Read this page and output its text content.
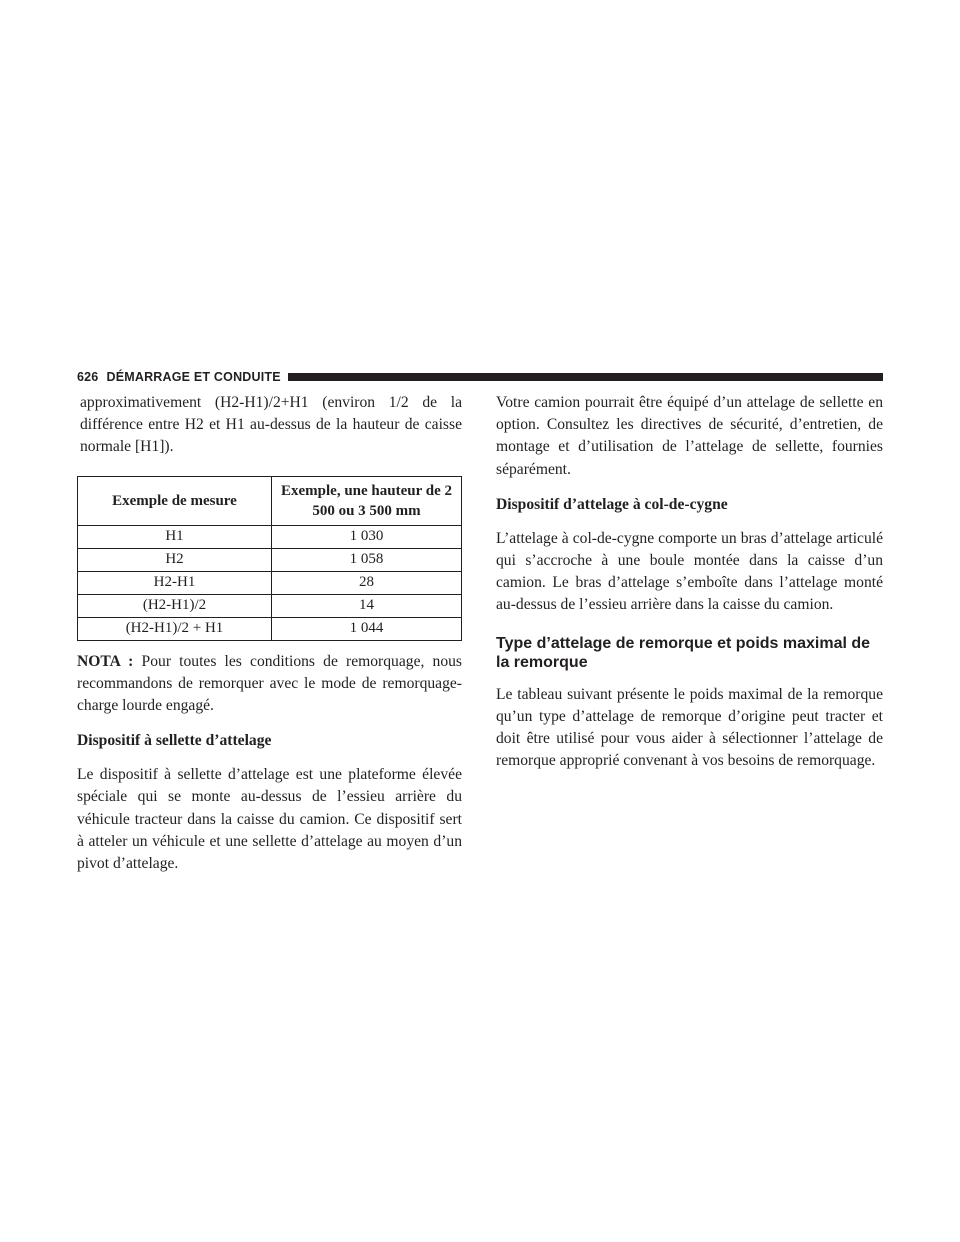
626 DÉMARRAGE ET CONDUITE

approximativement (H2-H1)/2+H1 (environ 1/2 de la différence entre H2 et H1 au-dessus de la hauteur de caisse normale [H1]).

Exemple de mesure	Exemple, une hauteur de 2 500 ou 3 500 mm
H1	1 030
H2	1 058
H2-H1	28
(H2-H1)/2	14
(H2-H1)/2 + H1	1 044

NOTA : Pour toutes les conditions de remorquage, nous recommandons de remorquer avec le mode de remorquage-charge lourde engagé.

Dispositif à sellette d’attelage

Le dispositif à sellette d’attelage est une plateforme élevée spéciale qui se monte au-dessus de l’essieu arrière du véhicule tracteur dans la caisse du camion. Ce dispositif sert à atteler un véhicule et une sellette d’attelage au moyen d’un pivot d’attelage.

Votre camion pourrait être équipé d’un attelage de sellette en option. Consultez les directives de sécurité, d’entretien, de montage et d’utilisation de l’attelage de sellette, fournies séparément.

Dispositif d’attelage à col-de-cygne

L’attelage à col-de-cygne comporte un bras d’attelage articulé qui s’accroche à une boule montée dans la caisse d’un camion. Le bras d’attelage s’emboîte dans l’attelage monté au-dessus de l’essieu arrière dans la caisse du camion.

Type d’attelage de remorque et poids maximal de la remorque

Le tableau suivant présente le poids maximal de la remorque qu’un type d’attelage de remorque d’origine peut tracter et doit être utilisé pour vous aider à sélectionner l’attelage de remorque approprié convenant à vos besoins de remorquage.
